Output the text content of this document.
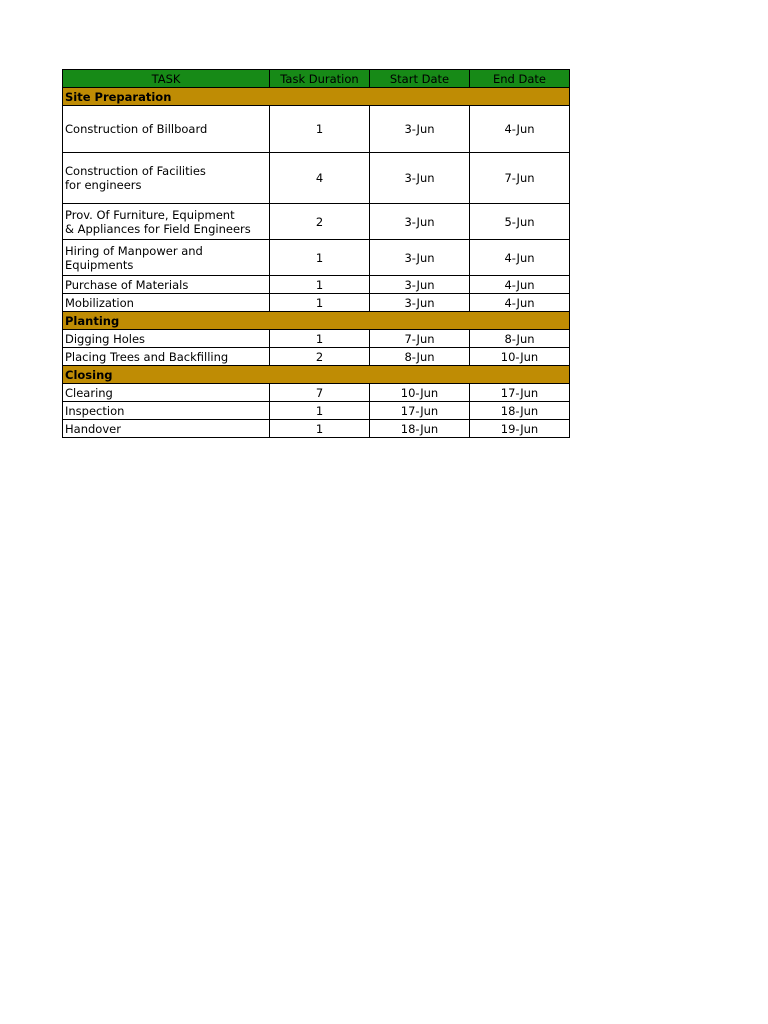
TASK	Task Duration	Start Date	End Date
Site Preparation			
Construction of Billboard	1	3-Jun	4-Jun
Construction of Facilities
for engineers	4	3-Jun	7-Jun
Prov. Of Furniture, Equipment
& Appliances for Field Engineers	2	3-Jun	5-Jun
Hiring of Manpower and
Equipments	1	3-Jun	4-Jun
Purchase of Materials	1	3-Jun	4-Jun
Mobilization	1	3-Jun	4-Jun
Planting			
Digging Holes	1	7-Jun	8-Jun
Placing Trees and Backfilling	2	8-Jun	10-Jun
Closing			
Clearing	7	10-Jun	17-Jun
Inspection	1	17-Jun	18-Jun
Handover	1	18-Jun	19-Jun
